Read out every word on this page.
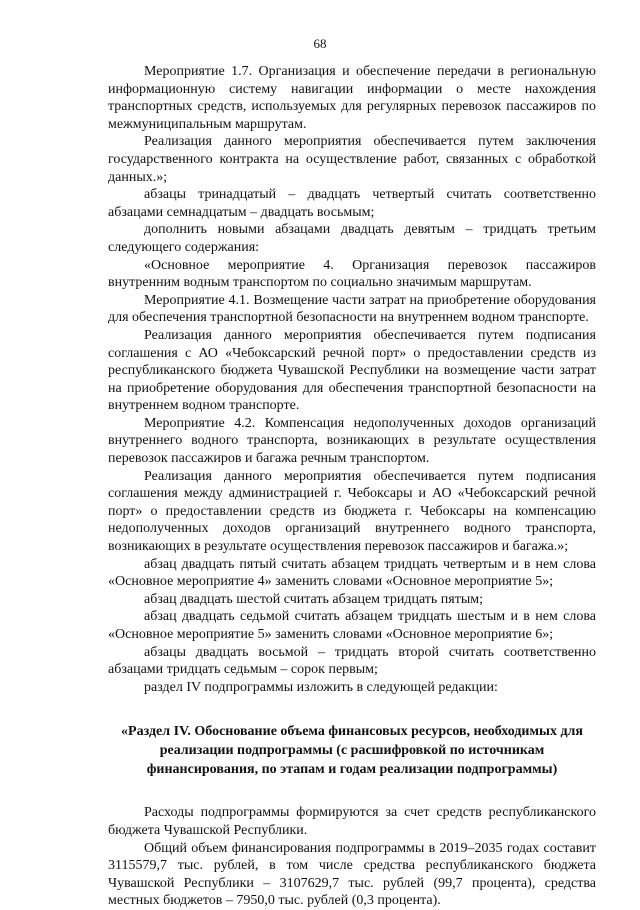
68

Мероприятие 1.7. Организация и обеспечение передачи в региональную информационную систему навигации информации о месте нахождения транспортных средств, используемых для регулярных перевозок пассажиров по межмуниципальным маршрутам.

Реализация данного мероприятия обеспечивается путем заключения государственного контракта на осуществление работ, связанных с обработкой данных.»;

абзацы тринадцатый – двадцать четвертый считать соответственно абзацами семнадцатым – двадцать восьмым;

дополнить новыми абзацами двадцать девятым – тридцать третьим следующего содержания:

«Основное мероприятие 4. Организация перевозок пассажиров внутренним водным транспортом по социально значимым маршрутам.

Мероприятие 4.1. Возмещение части затрат на приобретение оборудования для обеспечения транспортной безопасности на внутреннем водном транспорте.

Реализация данного мероприятия обеспечивается путем подписания соглашения с АО «Чебоксарский речной порт» о предоставлении средств из республиканского бюджета Чувашской Республики на возмещение части затрат на приобретение оборудования для обеспечения транспортной безопасности на внутреннем водном транспорте.

Мероприятие 4.2. Компенсация недополученных доходов организаций внутреннего водного транспорта, возникающих в результате осуществления перевозок пассажиров и багажа речным транспортом.

Реализация данного мероприятия обеспечивается путем подписания соглашения между администрацией г. Чебоксары и АО «Чебоксарский речной порт» о предоставлении средств из бюджета г. Чебоксары на компенсацию недополученных доходов организаций внутреннего водного транспорта, возникающих в результате осуществления перевозок пассажиров и багажа.»;

абзац двадцать пятый считать абзацем тридцать четвертым и в нем слова «Основное мероприятие 4» заменить словами «Основное мероприятие 5»;

абзац двадцать шестой считать абзацем тридцать пятым;

абзац двадцать седьмой считать абзацем тридцать шестым и в нем слова «Основное мероприятие 5» заменить словами «Основное мероприятие 6»;

абзацы двадцать восьмой – тридцать второй считать соответственно абзацами тридцать седьмым – сорок первым;

раздел IV подпрограммы изложить в следующей редакции:

«Раздел IV. Обоснование объема финансовых ресурсов, необходимых для реализации подпрограммы (с расшифровкой по источникам финансирования, по этапам и годам реализации подпрограммы)

Расходы подпрограммы формируются за счет средств республиканского бюджета Чувашской Республики.

Общий объем финансирования подпрограммы в 2019–2035 годах составит 3115579,7 тыс. рублей, в том числе средства республиканского бюджета Чувашской Республики – 3107629,7 тыс. рублей (99,7 процента), средства местных бюджетов – 7950,0 тыс. рублей (0,3 процента).
